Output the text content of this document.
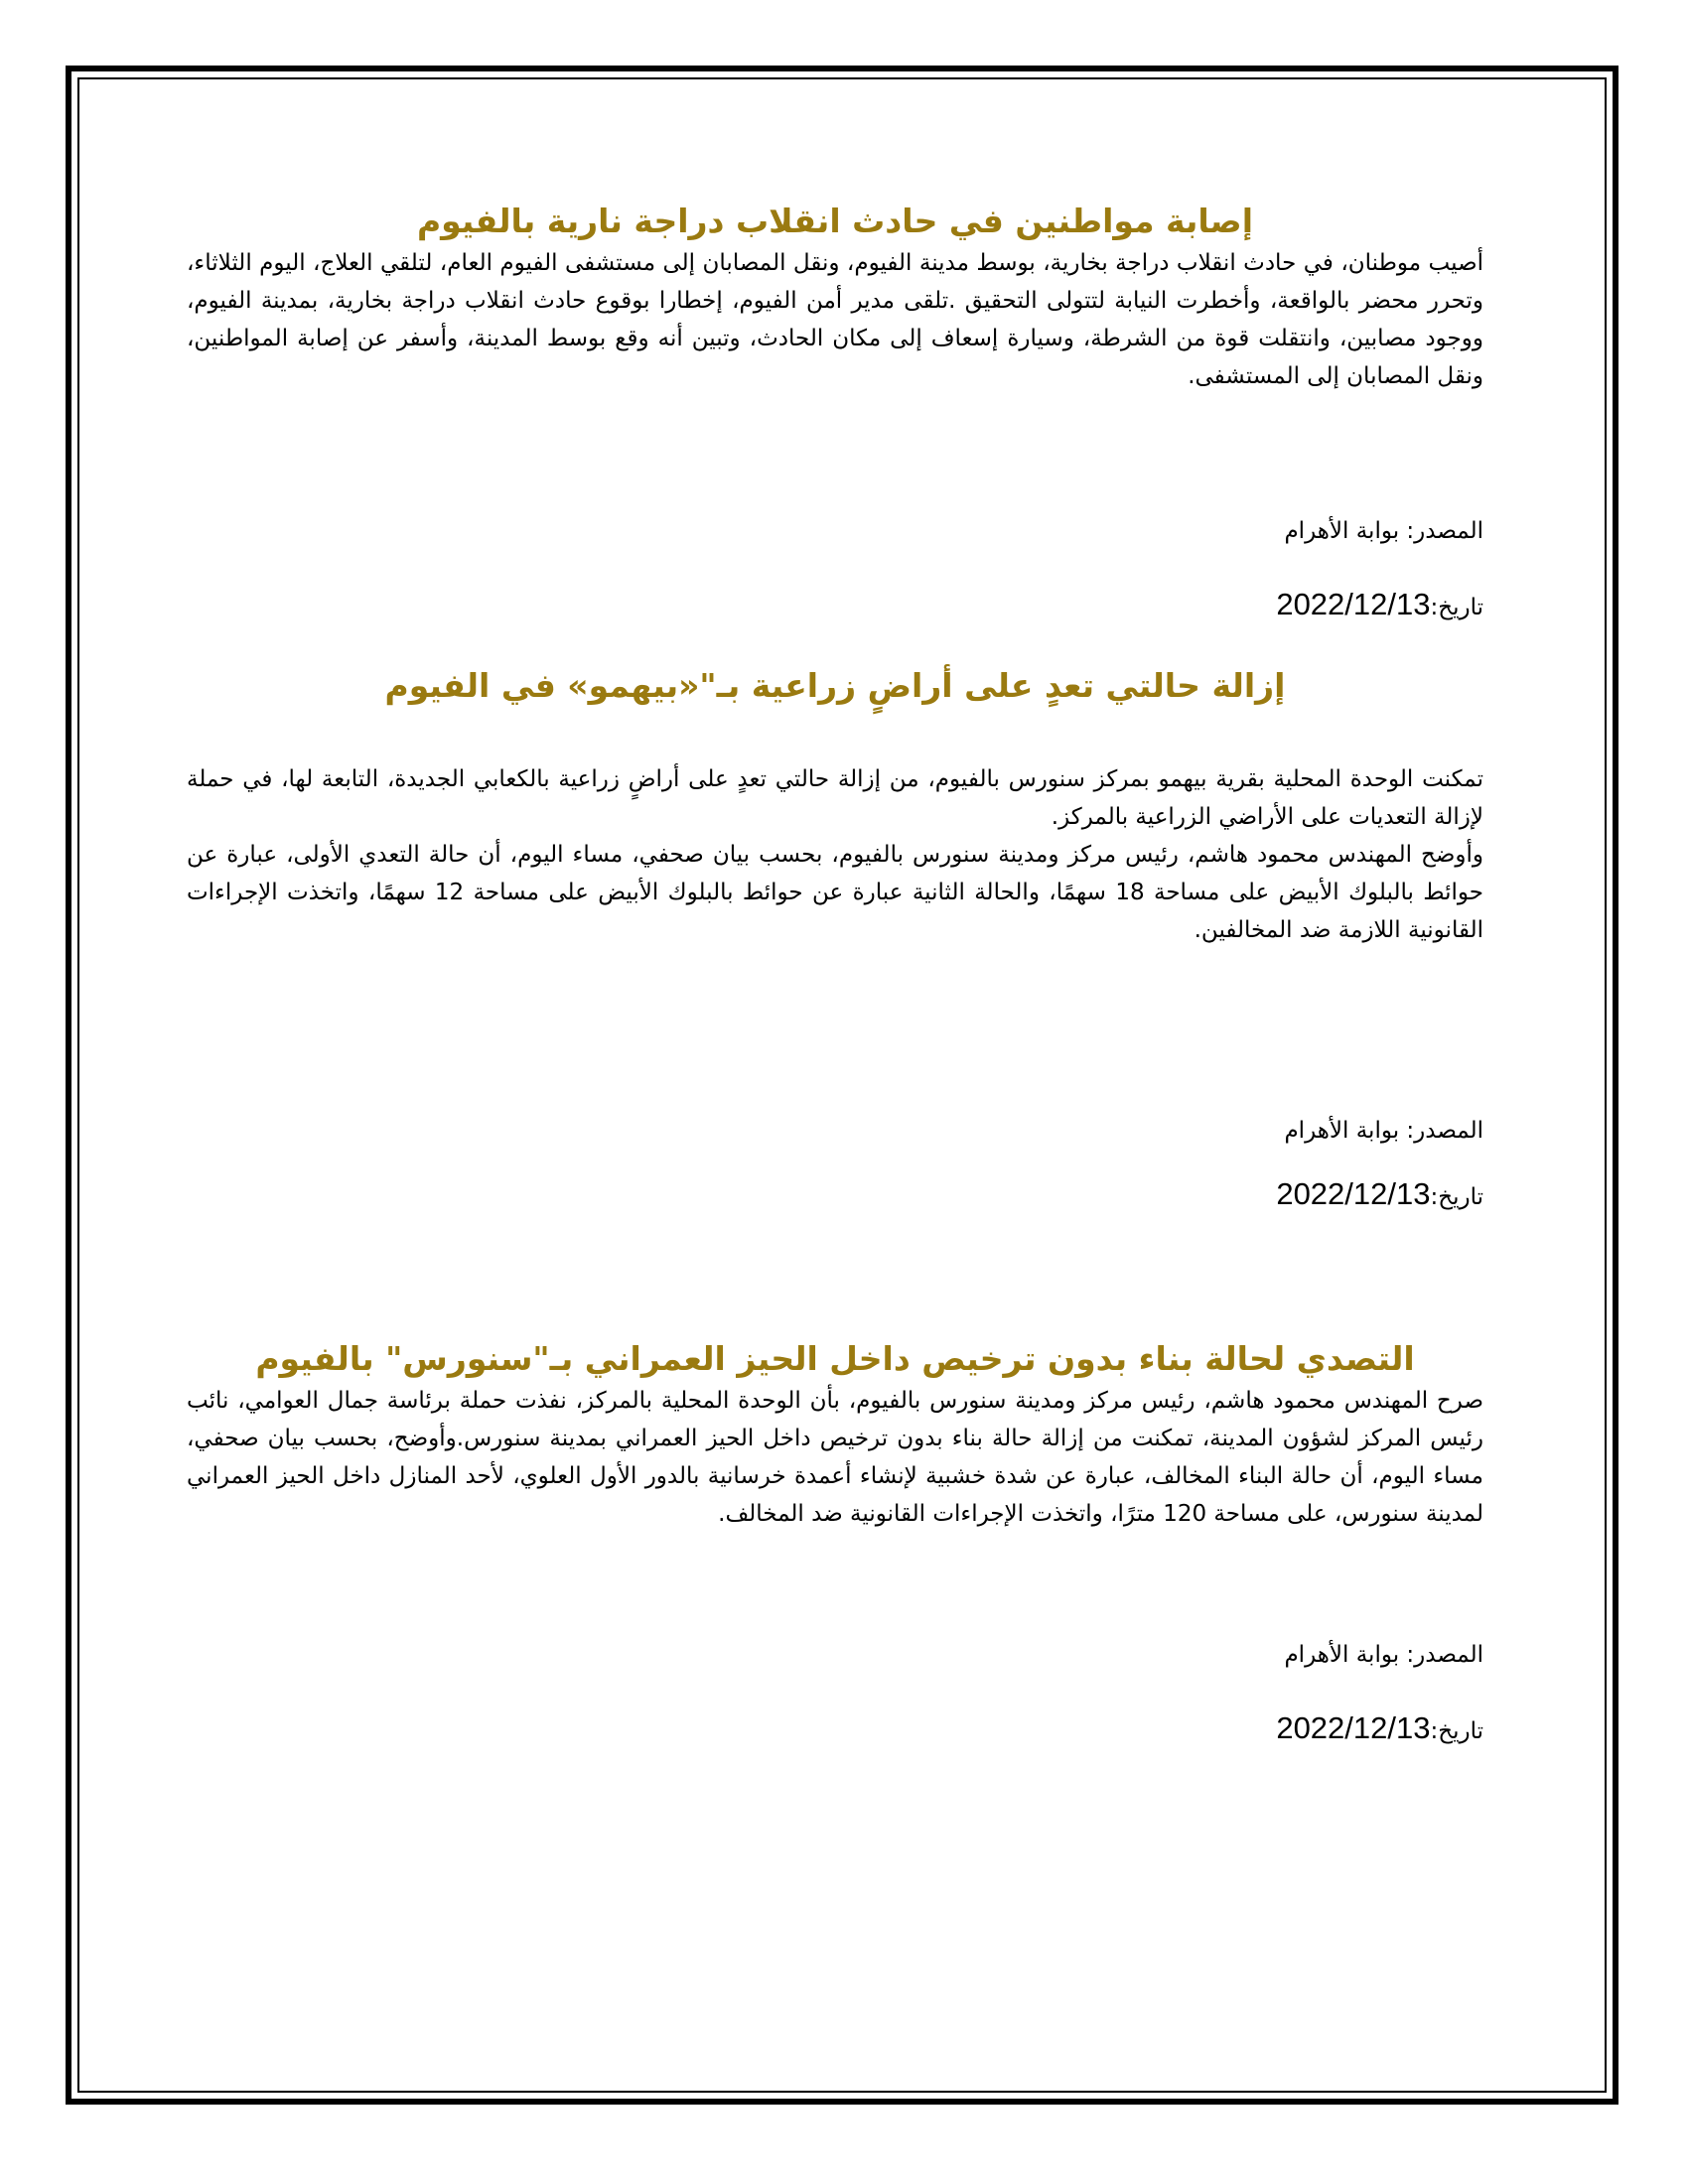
إصابة مواطنين في حادث انقلاب دراجة نارية بالفيوم

أصيب موطنان، في حادث انقلاب دراجة بخارية، بوسط مدينة الفيوم، ونقل المصابان إلى مستشفى الفيوم العام، لتلقي العلاج، اليوم الثلاثاء، وتحرر محضر بالواقعة، وأخطرت النيابة لتتولى التحقيق .تلقى مدير أمن الفيوم، إخطارا بوقوع حادث انقلاب دراجة بخارية، بمدينة الفيوم، ووجود مصابين، وانتقلت قوة من الشرطة، وسيارة إسعاف إلى مكان الحادث، وتبين أنه وقع بوسط المدينة، وأسفر عن إصابة المواطنين، ونقل المصابان إلى المستشفى.

المصدر: بوابة الأهرام
تاريخ:2022/12/13
إزالة حالتي تعدٍ على أراضٍ زراعية بـ"«بيهمو» في الفيوم

تمكنت الوحدة المحلية بقرية بيهمو بمركز سنورس بالفيوم، من إزالة حالتي تعدٍ على أراضٍ زراعية بالكعابي الجديدة، التابعة لها، في حملة لإزالة التعديات على الأراضي الزراعية بالمركز.

وأوضح المهندس محمود هاشم، رئيس مركز ومدينة سنورس بالفيوم، بحسب بيان صحفي، مساء اليوم، أن حالة التعدي الأولى، عبارة عن حوائط بالبلوك الأبيض على مساحة 18 سهمًا، والحالة الثانية عبارة عن حوائط بالبلوك الأبيض على مساحة 12 سهمًا، واتخذت الإجراءات القانونية اللازمة ضد المخالفين.

المصدر: بوابة الأهرام
تاريخ:2022/12/13
التصدي لحالة بناء بدون ترخيص داخل الحيز العمراني بـ"سنورس" بالفيوم

صرح المهندس محمود هاشم، رئيس مركز ومدينة سنورس بالفيوم، بأن الوحدة المحلية بالمركز، نفذت حملة برئاسة جمال العوامي، نائب رئيس المركز لشؤون المدينة، تمكنت من إزالة حالة بناء بدون ترخيص داخل الحيز العمراني بمدينة سنورس.وأوضح، بحسب بيان صحفي، مساء اليوم، أن حالة البناء المخالف، عبارة عن شدة خشبية لإنشاء أعمدة خرسانية بالدور الأول العلوي، لأحد المنازل داخل الحيز العمراني لمدينة سنورس، على مساحة 120 مترًا، واتخذت الإجراءات القانونية ضد المخالف.

المصدر: بوابة الأهرام
تاريخ:2022/12/13
